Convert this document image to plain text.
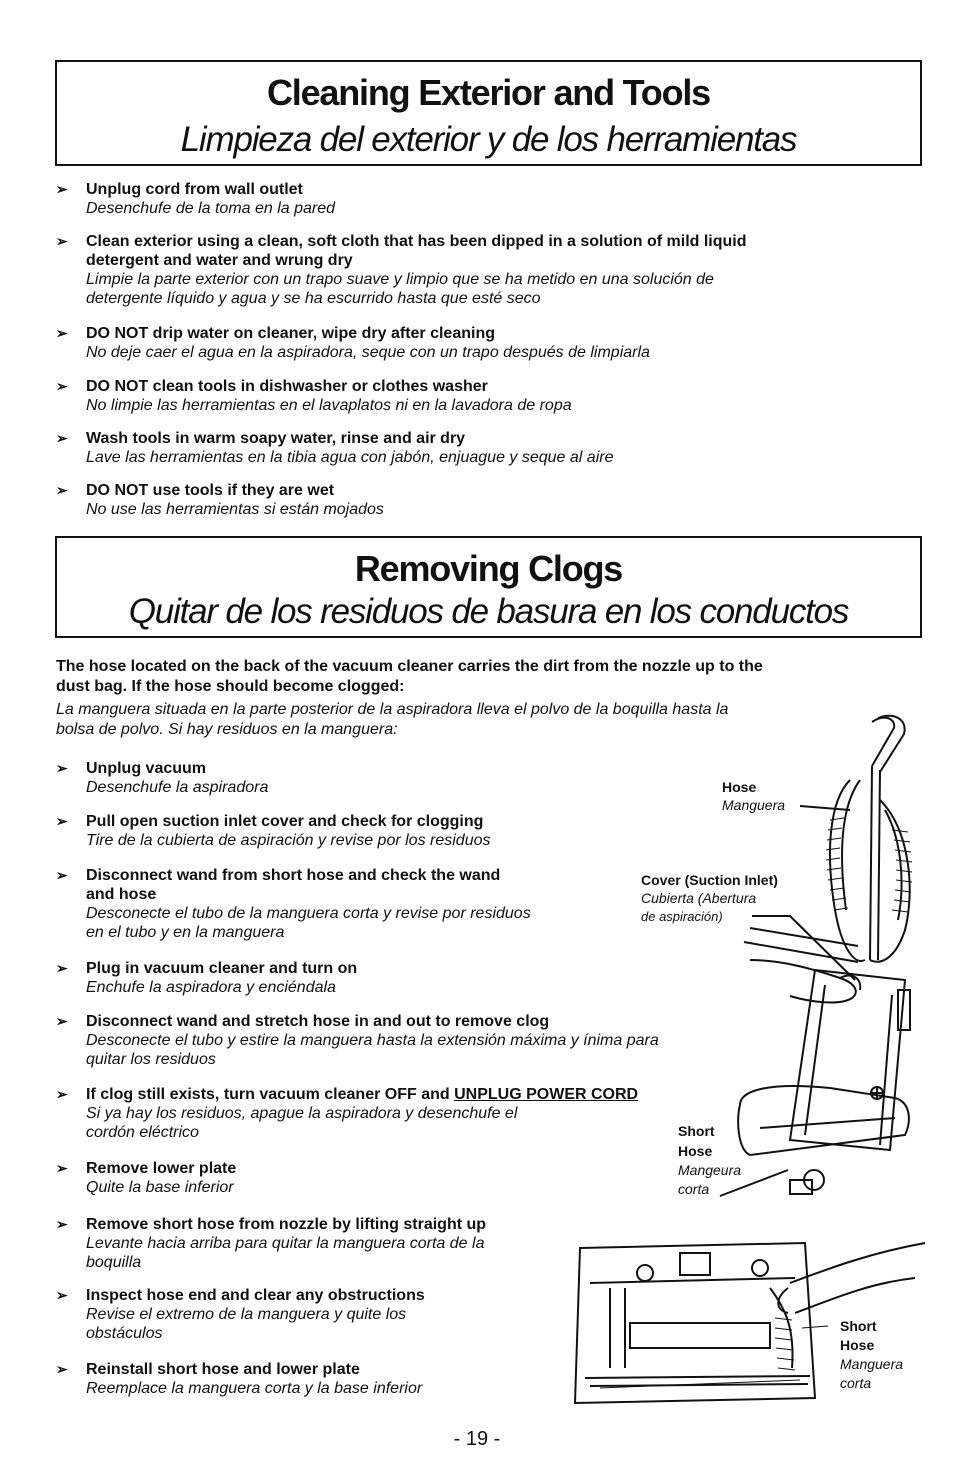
Cleaning Exterior and Tools
Limpieza del exterior y de los herramientas
➢ Unplug cord from wall outlet
Desenchufe de la toma en la pared
➢ Clean exterior using a clean, soft cloth that has been dipped in a solution of mild liquid
detergent and water and wrung dry
Limpie la parte exterior con un trapo suave y limpio que se ha metido en una solución de
detergente líquido y agua y se ha escurrido hasta que esté seco
➢ DO NOT drip water on cleaner, wipe dry after cleaning
No deje caer el agua en la aspiradora, seque con un trapo después de limpiarla
➢ DO NOT clean tools in dishwasher or clothes washer
No limpie las herramientas en el lavaplatos ni en la lavadora de ropa
➢ Wash tools in warm soapy water, rinse and air dry
Lave las herramientas en la tibia agua con jabón, enjuague y seque al aire
➢ DO NOT use tools if they are wet
No use las herramientas si están mojados
Removing Clogs
Quitar de los residuos de basura en los conductos
The hose located on the back of the vacuum cleaner carries the dirt from the nozzle up to the
dust bag. If the hose should become clogged:
La manguera situada en la parte posterior de la aspiradora lleva el polvo de la boquilla hasta la
bolsa de polvo. Si hay residuos en la manguera:
➢ Unplug vacuum
Desenchufe la aspiradora
➢ Pull open suction inlet cover and check for clogging
Tire de la cubierta de aspiración y revise por los residuos
➢ Disconnect wand from short hose and check the wand
and hose
Desconecte el tubo de la manguera corta y revise por residuos
en el tubo y en la manguera
➢ Plug in vacuum cleaner and turn on
Enchufe la aspiradora y enciéndala
➢ Disconnect wand and stretch hose in and out to remove clog
Desconecte el tubo y estire la manguera hasta la extensión máxima y ínima para
quitar los residuos
➢ If clog still exists, turn vacuum cleaner OFF and UNPLUG POWER CORD
Si ya hay los residuos, apague la aspiradora y desenchufe el
cordón eléctrico
➢ Remove lower plate
Quite la base inferior
➢ Remove short hose from nozzle by lifting straight up
Levante hacia arriba para quitar la manguera corta de la
boquilla
➢ Inspect hose end and clear any obstructions
Revise el extremo de la manguera y quite los
obstáculos
➢ Reinstall short hose and lower plate
Reemplace la manguera corta y la base inferior
Hose
Manguera
Cover (Suction Inlet)
Cubierta (Abertura
de aspiración)
Short
Hose
Mangeura
corta
Short
Hose
Manguera
corta
- 19 -
